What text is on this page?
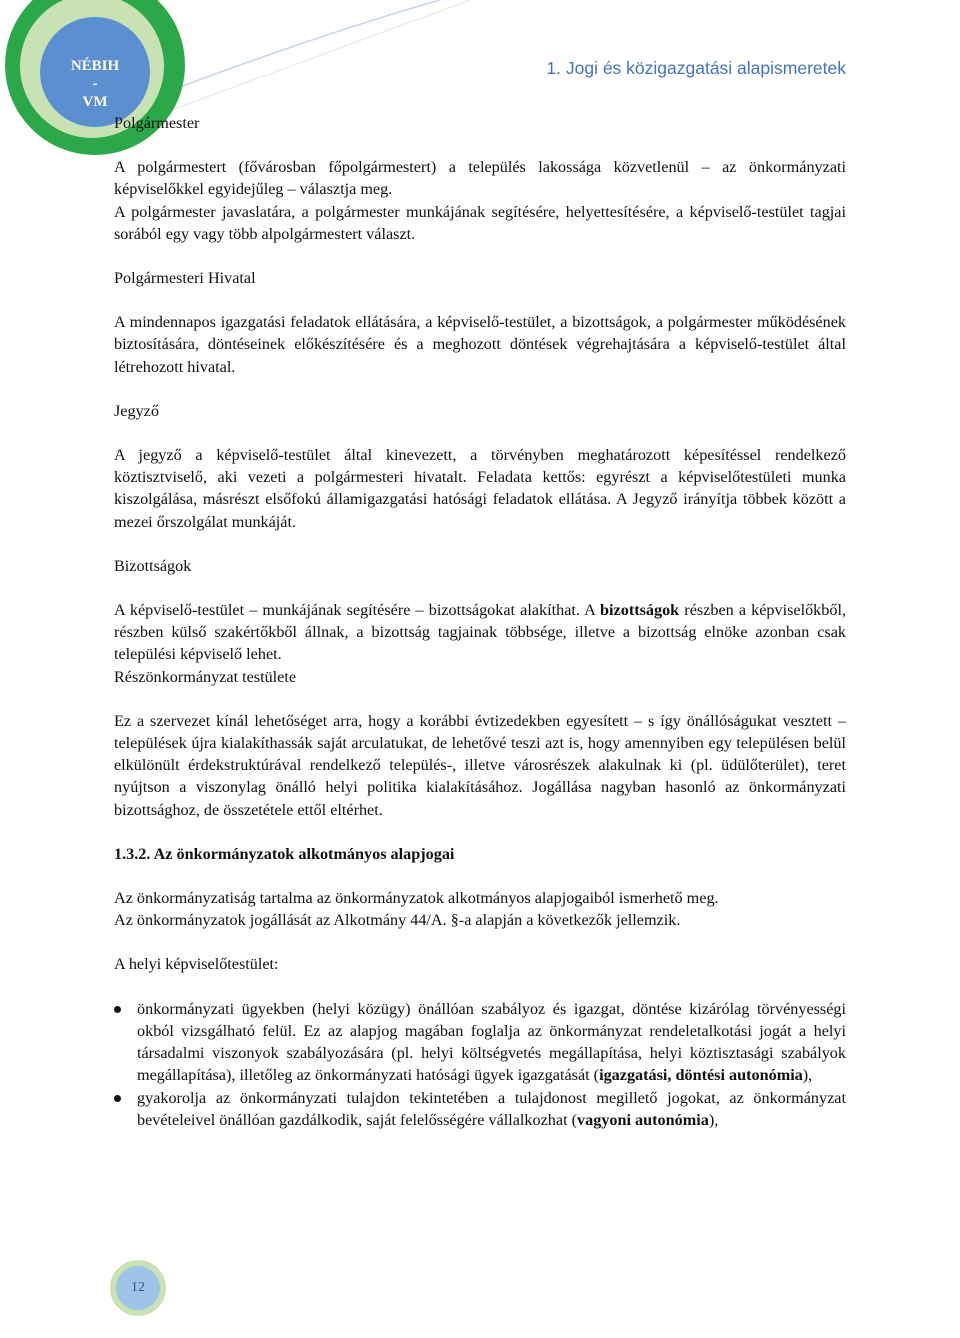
NÉBIH
-
VM
1. Jogi és közigazgatási alapismeretek

Polgármester

A polgármestert (fővárosban főpolgármestert) a település lakossága közvetlenül – az önkormányzati képviselőkkel egyidejűleg – választja meg.

A polgármester javaslatára, a polgármester munkájának segítésére, helyettesítésére, a képviselő-testület tagjai sorából egy vagy több alpolgármestert választ.

Polgármesteri Hivatal

A mindennapos igazgatási feladatok ellátására, a képviselő-testület, a bizottságok, a polgármester működésének biztosítására, döntéseinek előkészítésére és a meghozott döntések végrehajtására a képviselő-testület által létrehozott hivatal.

Jegyző

A jegyző a képviselő-testület által kinevezett, a törvényben meghatározott képesítéssel rendelkező köztisztviselő, aki vezeti a polgármesteri hivatalt. Feladata kettős: egyrészt a képviselőtestületi munka kiszolgálása, másrészt elsőfokú államigazgatási hatósági feladatok ellátása. A Jegyző irányítja többek között a mezei őrszolgálat munkáját.

Bizottságok

A képviselő-testület – munkájának segítésére – bizottságokat alakíthat. A bizottságok részben a képviselőkből, részben külső szakértőkből állnak, a bizottság tagjainak többsége, illetve a bizottság elnöke azonban csak települési képviselő lehet.

Részönkormányzat testülete

Ez a szervezet kínál lehetőséget arra, hogy a korábbi évtizedekben egyesített – s így önállóságukat vesztett – települések újra kialakíthassák saját arculatukat, de lehetővé teszi azt is, hogy amennyiben egy településen belül elkülönült érdekstruktúrával rendelkező település-, illetve városrészek alakulnak ki (pl. üdülőterület), teret nyújtson a viszonylag önálló helyi politika kialakításához. Jogállása nagyban hasonló az önkormányzati bizottsághoz, de összetétele ettől eltérhet.

1.3.2. Az önkormányzatok alkotmányos alapjogai

Az önkormányzatiság tartalma az önkormányzatok alkotmányos alapjogaiból ismerhető meg.

Az önkormányzatok jogállását az Alkotmány 44/A. §-a alapján a következők jellemzik.

A helyi képviselőtestület:

önkormányzati ügyekben (helyi közügy) önállóan szabályoz és igazgat, döntése kizárólag törvényességi okból vizsgálható felül. Ez az alapjog magában foglalja az önkormányzat rendeletalkotási jogát a helyi társadalmi viszonyok szabályozására (pl. helyi költségvetés megállapítása, helyi köztisztasági szabályok megállapítása), illetőleg az önkormányzati hatósági ügyek igazgatását (igazgatási, döntési autonómia),
gyakorolja az önkormányzati tulajdon tekintetében a tulajdonost megillető jogokat, az önkormányzat bevételeivel önállóan gazdálkodik, saját felelősségére vállalkozhat (vagyoni autonómia),
12
